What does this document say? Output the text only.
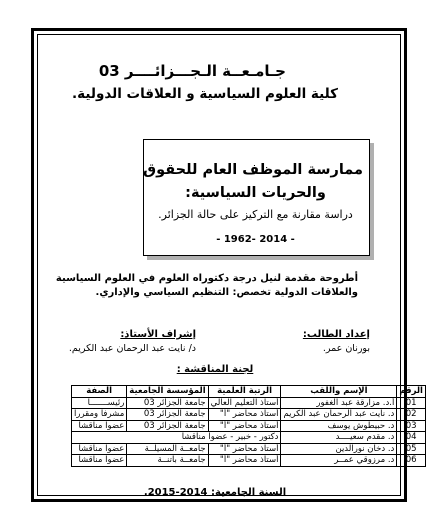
جـامـعــة الـجـــزائــــر 03
كلية العلوم السياسية و العلاقات الدولية.
ممارسة الموظف العام للحقوق
والحريات السياسية:
دراسة مقارنة مع التركيز على حالة الجزائر.
- 1962- 2014 -
أطروحة مقدمة لنيل درجة دكتوراه العلوم في العلوم السياسية
والعلاقات الدولية تخصص: التنظيم السياسي والإداري.
إعداد الطالب:
بورنان عمر.
إشراف الأستاذ:
د/ نايت عبد الرحمان عبد الكريم.
لجنة المناقشة :
الرقم	الإسم واللقب	الرتبة العلمية	المؤسسة الجامعية	الصفة
01	أ.د. مزارقة عبد الغفور	أستاذ التعليم العالي	جامعة الجزائر 03	رئيســـــــا
02	د. نايت عبد الرحمان عبد الكريم	أستاذ محاضر "أ"	جامعة الجزائر 03	مشرفا ومقررا
03	د. حبيطوش يوسف	أستاذ محاضر "أ"	جامعة الجزائر 03	عضوا مناقشا
04	د. مقدم سعيــــد	دكتور - خبير - عضوا مناقشا		
05	د. دخان نورالدين	أستاذ محاضر "أ"	جامعــة المسيلــة	عضوا مناقشا
06	د. مرزوقي عمــر	أستاذ محاضر "أ"	جامعــة باتنــة	عضوا مناقشا
السنة الجامعية: 2014-2015.
